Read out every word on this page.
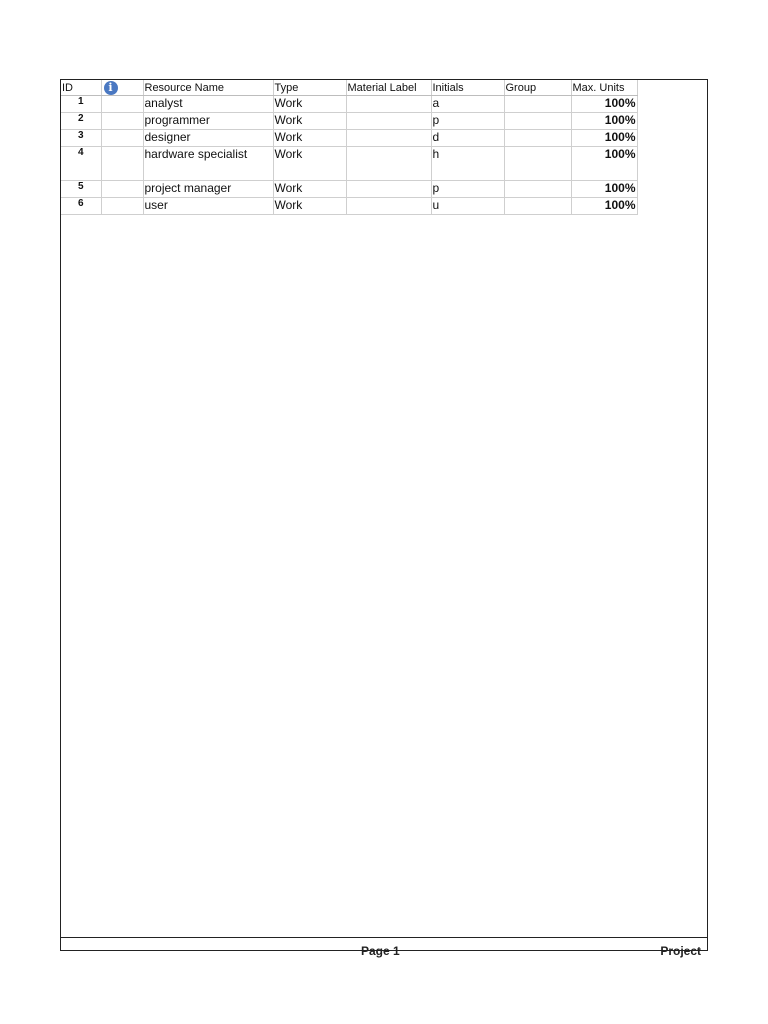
ID	i	Resource Name	Type	Material Label	Initials	Group	Max. Units
1		analyst	Work		a		100%
2		programmer	Work		p		100%
3		designer	Work		d		100%
4		hardware specialist	Work		h		100%
5		project manager	Work		p		100%
6		user	Work		u		100%
Page 1	Project
